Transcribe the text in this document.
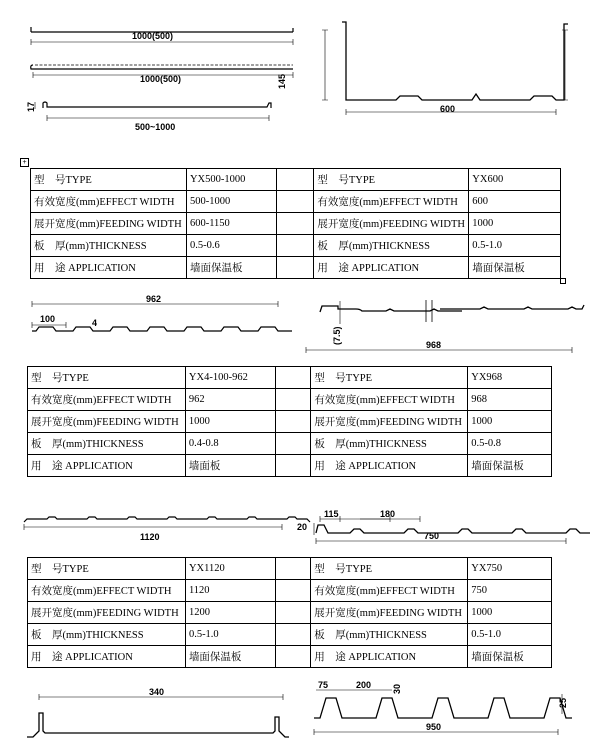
1000(500)
1000(500)
17
500~1000
145
600
+
型　号TYPE	YX500-1000		型　号TYPE	YX600
有效宽度(mm)EFFECT WIDTH	500-1000		有效宽度(mm)EFFECT WIDTH	600
展开宽度(mm)FEEDING WIDTH	600-1150		展开宽度(mm)FEEDING WIDTH	1000
板　厚(mm)THICKNESS	0.5-0.6		板　厚(mm)THICKNESS	0.5-1.0
用　途 APPLICATION	墙面保温板		用　途 APPLICATION	墙面保温板
962
100	4
(7.5)	968
型　号TYPE	YX4-100-962		型　号TYPE	YX968
有效宽度(mm)EFFECT WIDTH	962		有效宽度(mm)EFFECT WIDTH	968
展开宽度(mm)FEEDING WIDTH	1000		展开宽度(mm)FEEDING WIDTH	1000
板　厚(mm)THICKNESS	0.4-0.8		板　厚(mm)THICKNESS	0.5-0.8
用　途 APPLICATION	墙面板		用　途 APPLICATION	墙面保温板
1120
115	180
20
750
型　号TYPE	YX1120		型　号TYPE	YX750
有效宽度(mm)EFFECT WIDTH	1120		有效宽度(mm)EFFECT WIDTH	750
展开宽度(mm)FEEDING WIDTH	1200		展开宽度(mm)FEEDING WIDTH	1000
板　厚(mm)THICKNESS	0.5-1.0		板　厚(mm)THICKNESS	0.5-1.0
用　途 APPLICATION	墙面保温板		用　途 APPLICATION	墙面保温板
340
75	200 30
25
950
